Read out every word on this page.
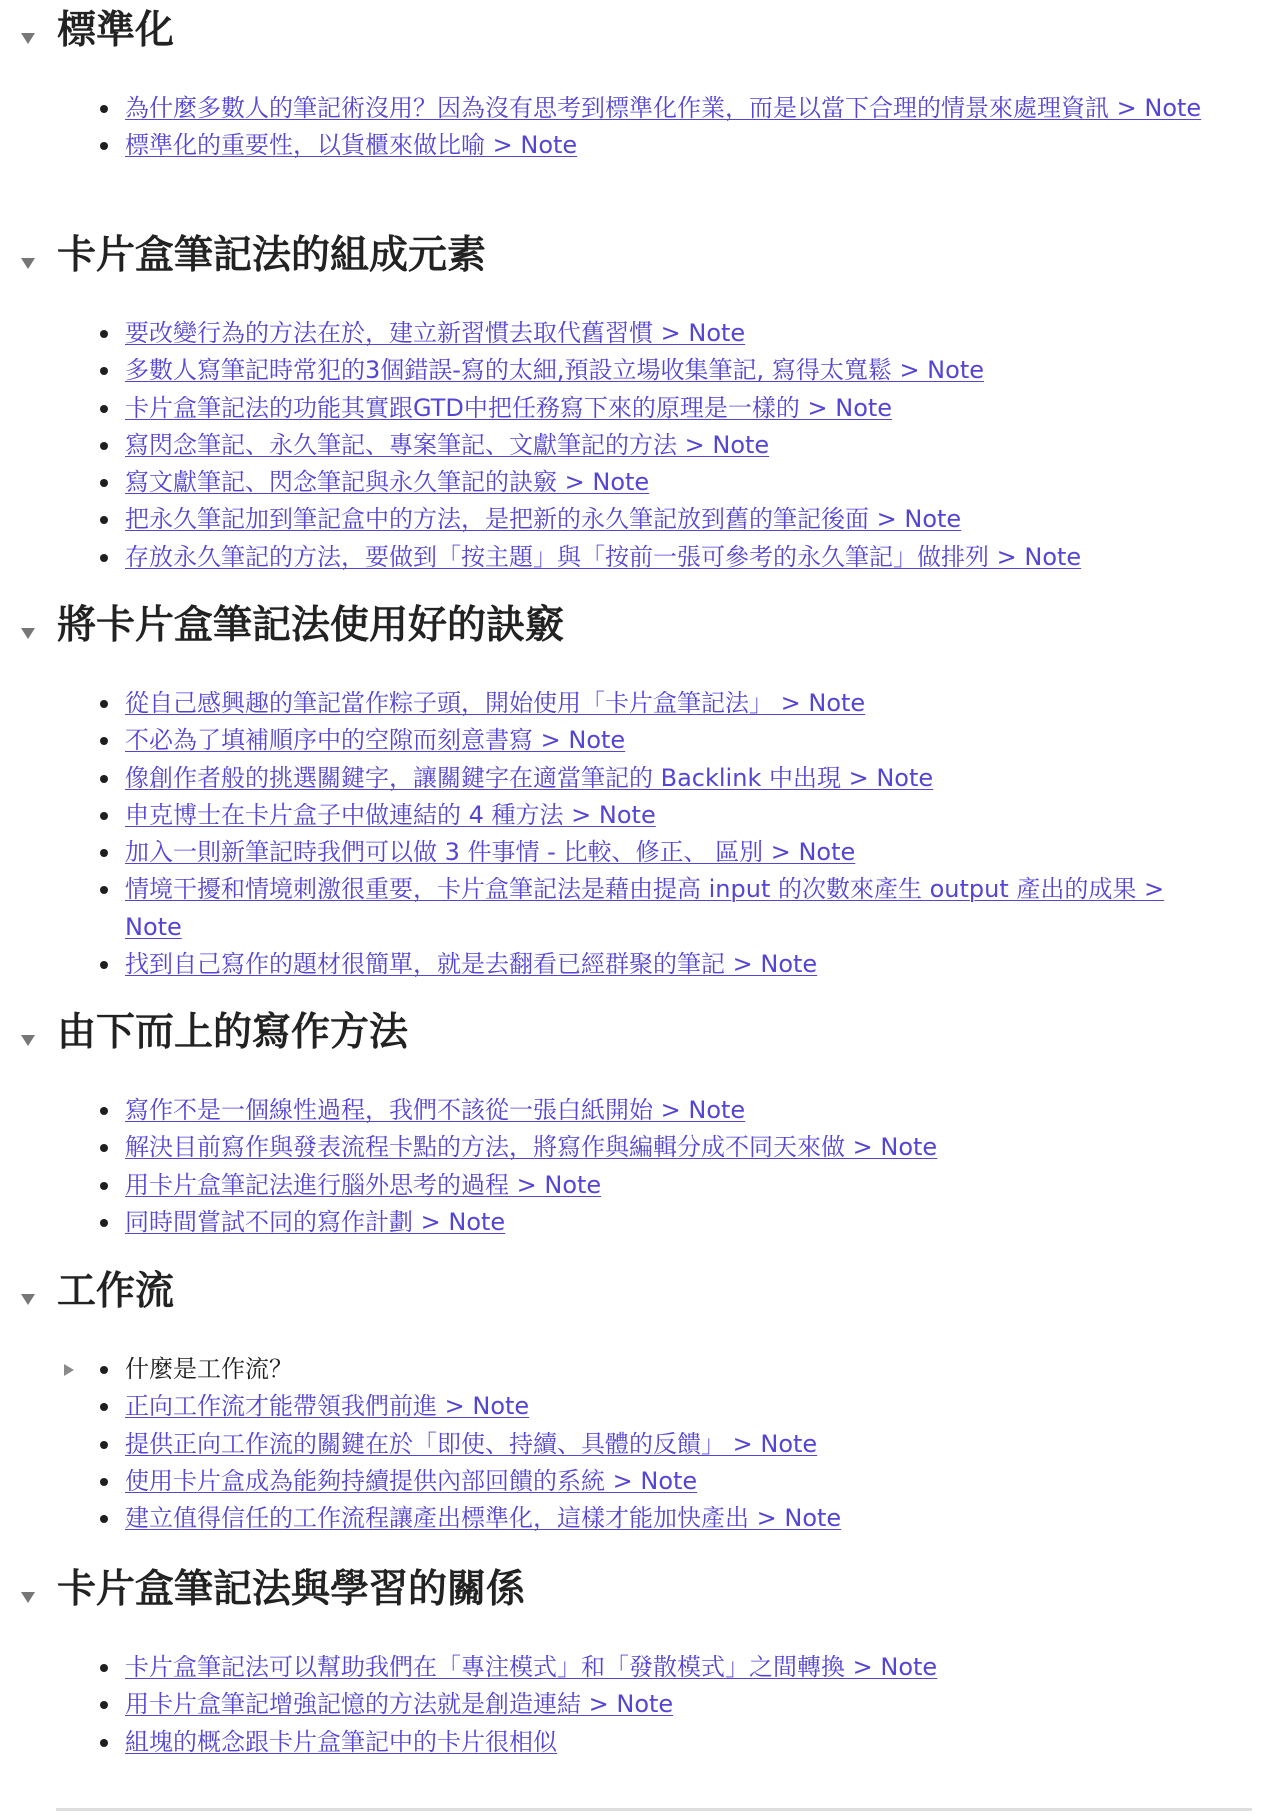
標準化
為什麼多數人的筆記術沒用？因為沒有思考到標準化作業，而是以當下合理的情景來處理資訊 > Note
標準化的重要性，以貨櫃來做比喻 > Note
卡片盒筆記法的組成元素
要改變行為的方法在於，建立新習慣去取代舊習慣 > Note
多數人寫筆記時常犯的3個錯誤-寫的太細,預設立場收集筆記, 寫得太寬鬆 > Note
卡片盒筆記法的功能其實跟GTD中把任務寫下來的原理是一樣的 > Note
寫閃念筆記、永久筆記、專案筆記、文獻筆記的方法 > Note
寫文獻筆記、閃念筆記與永久筆記的訣竅 > Note
把永久筆記加到筆記盒中的方法，是把新的永久筆記放到舊的筆記後面 > Note
存放永久筆記的方法，要做到「按主題」與「按前一張可參考的永久筆記」做排列 > Note
將卡片盒筆記法使用好的訣竅
從自己感興趣的筆記當作粽子頭，開始使用「卡片盒筆記法」 > Note
不必為了填補順序中的空隙而刻意書寫 > Note
像創作者般的挑選關鍵字，讓關鍵字在適當筆記的 Backlink 中出現 > Note
申克博士在卡片盒子中做連結的 4 種方法 > Note
加入一則新筆記時我們可以做 3 件事情 - 比較、修正、 區別 > Note
情境干擾和情境刺激很重要，卡片盒筆記法是藉由提高 input 的次數來產生 output 產出的成果 > Note
找到自己寫作的題材很簡單，就是去翻看已經群聚的筆記 > Note
由下而上的寫作方法
寫作不是一個線性過程，我們不該從一張白紙開始 > Note
解決目前寫作與發表流程卡點的方法，將寫作與編輯分成不同天來做 > Note
用卡片盒筆記法進行腦外思考的過程 > Note
同時間嘗試不同的寫作計劃 > Note
工作流
什麼是工作流？
正向工作流才能帶領我們前進 > Note
提供正向工作流的關鍵在於「即使、持續、具體的反饋」 > Note
使用卡片盒成為能夠持續提供內部回饋的系統 > Note
建立值得信任的工作流程讓產出標準化，這樣才能加快產出 > Note
卡片盒筆記法與學習的關係
卡片盒筆記法可以幫助我們在「專注模式」和「發散模式」之間轉換 > Note
用卡片盒筆記增強記憶的方法就是創造連結 > Note
組塊的概念跟卡片盒筆記中的卡片很相似
